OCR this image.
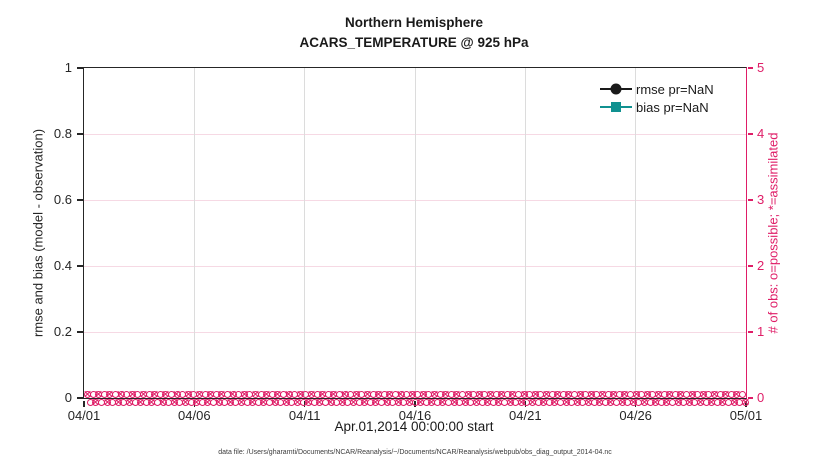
Northern Hemisphere
ACARS_TEMPERATURE @ 925 hPa
0
0.2
0.4
0.6
0.8
1
0
1
2
3
4
5
04/01	04/06	04/11	04/16	04/21	04/26	05/01
rmse and bias (model - observation)	# of obs: o=possible; *=assimilated
rmse pr=NaN
bias pr=NaN
Apr.01,2014 00:00:00 start
data file: /Users/gharamti/Documents/NCAR/Reanalysis/~/Documents/NCAR/Reanalysis/webpub/obs_diag_output_2014-04.nc
